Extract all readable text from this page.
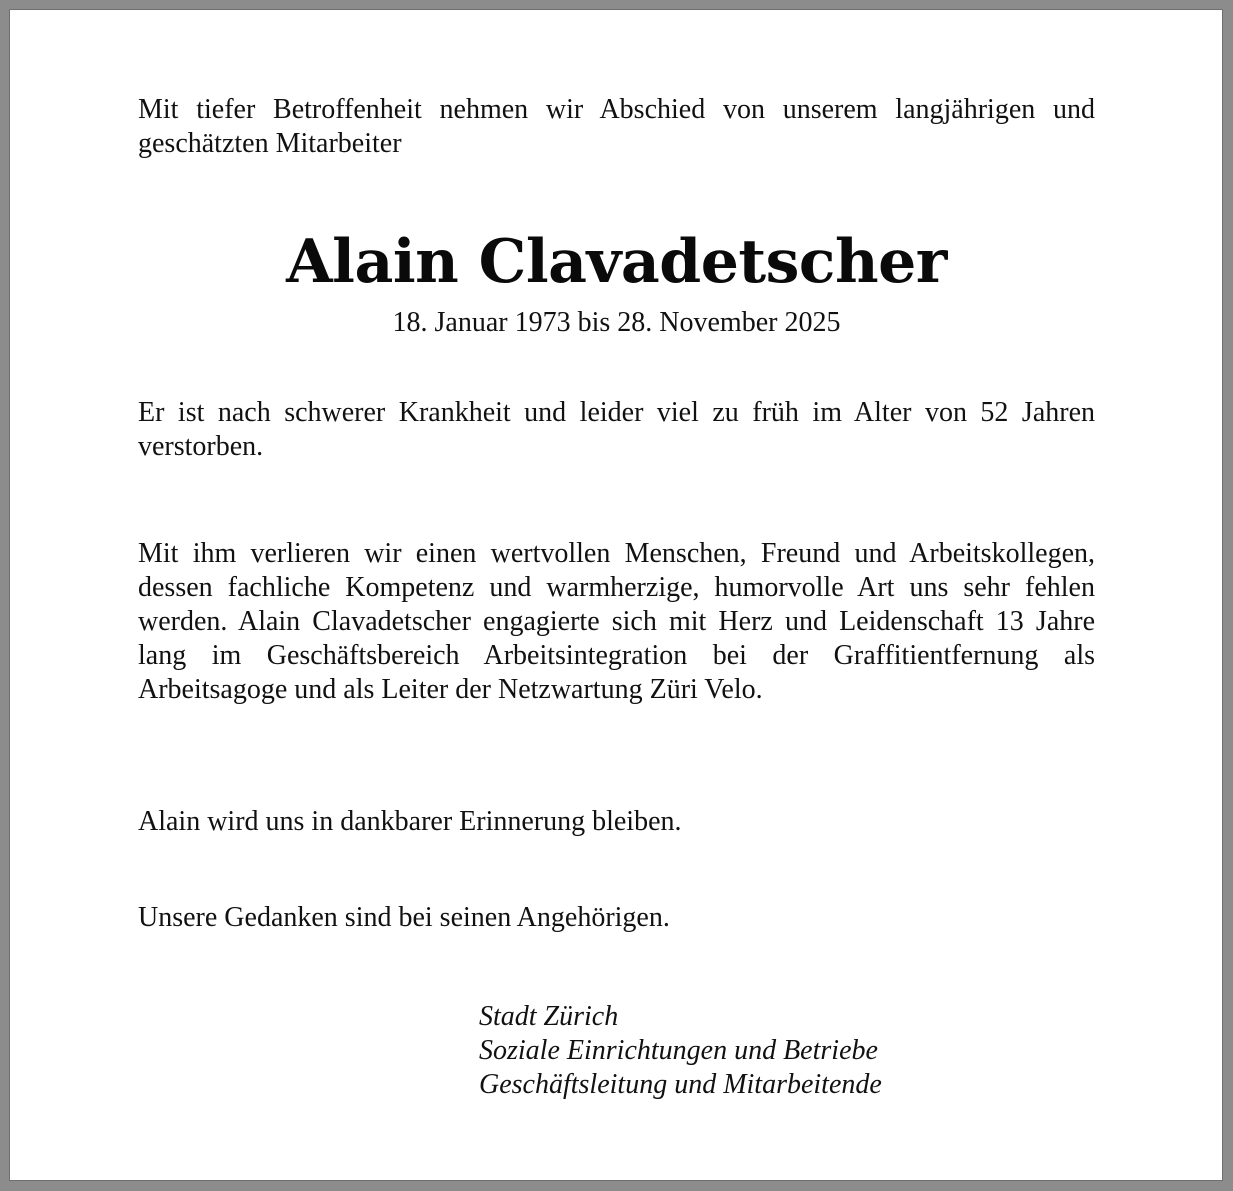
Mit tiefer Betroffenheit nehmen wir Abschied von unserem langjährigen und geschätzten Mitarbeiter

Alain Clavadetscher
18. Januar 1973 bis 28. November 2025

Er ist nach schwerer Krankheit und leider viel zu früh im Alter von 52 Jahren verstorben.

Mit ihm verlieren wir einen wertvollen Menschen, Freund und Arbeitskollegen, dessen fachliche Kompetenz und warmherzige, humorvolle Art uns sehr fehlen werden. Alain Clavadetscher engagierte sich mit Herz und Leidenschaft 13 Jahre lang im Geschäftsbereich Arbeitsintegration bei der Graffitientfernung als Arbeitsagoge und als Leiter der Netzwartung Züri Velo.

Alain wird uns in dankbarer Erinnerung bleiben.

Unsere Gedanken sind bei seinen Angehörigen.

Stadt Zürich
Soziale Einrichtungen und Betriebe
Geschäftsleitung und Mitarbeitende
